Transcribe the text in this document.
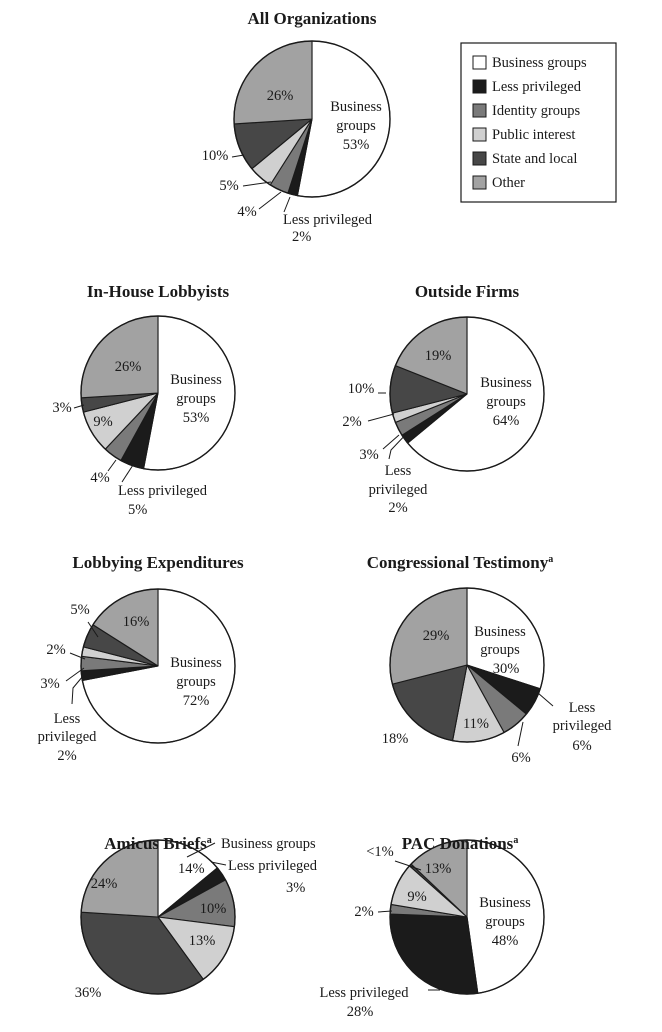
All Organizations
Business
groups
53%
Less privileged
2%
4%
5%
10%
26%
In-House Lobbyists
Business
groups
53%
Less privileged
5%
4%
9%
3%
26%
Outside Firms
Business
groups
64%
Less
privileged
2%
3%
2%
10%
19%
Lobbying Expenditures
Business
groups
72%
Less
privileged
2%
3%
2%
5%
16%
Congressional Testimony$^a$
Business
groups
30%
Less
privileged
6%
6%
11%
18%
29%
Amicus Briefs$^a$ Business groups
14% Less privileged
3%
10%
13%
36%
24%
PAC Donations$^a$
Business
groups
48%
Less privileged
28%
2%
9%
<1%
13%
Business groups
Less privileged
Identity groups
Public interest
State and local
Other
